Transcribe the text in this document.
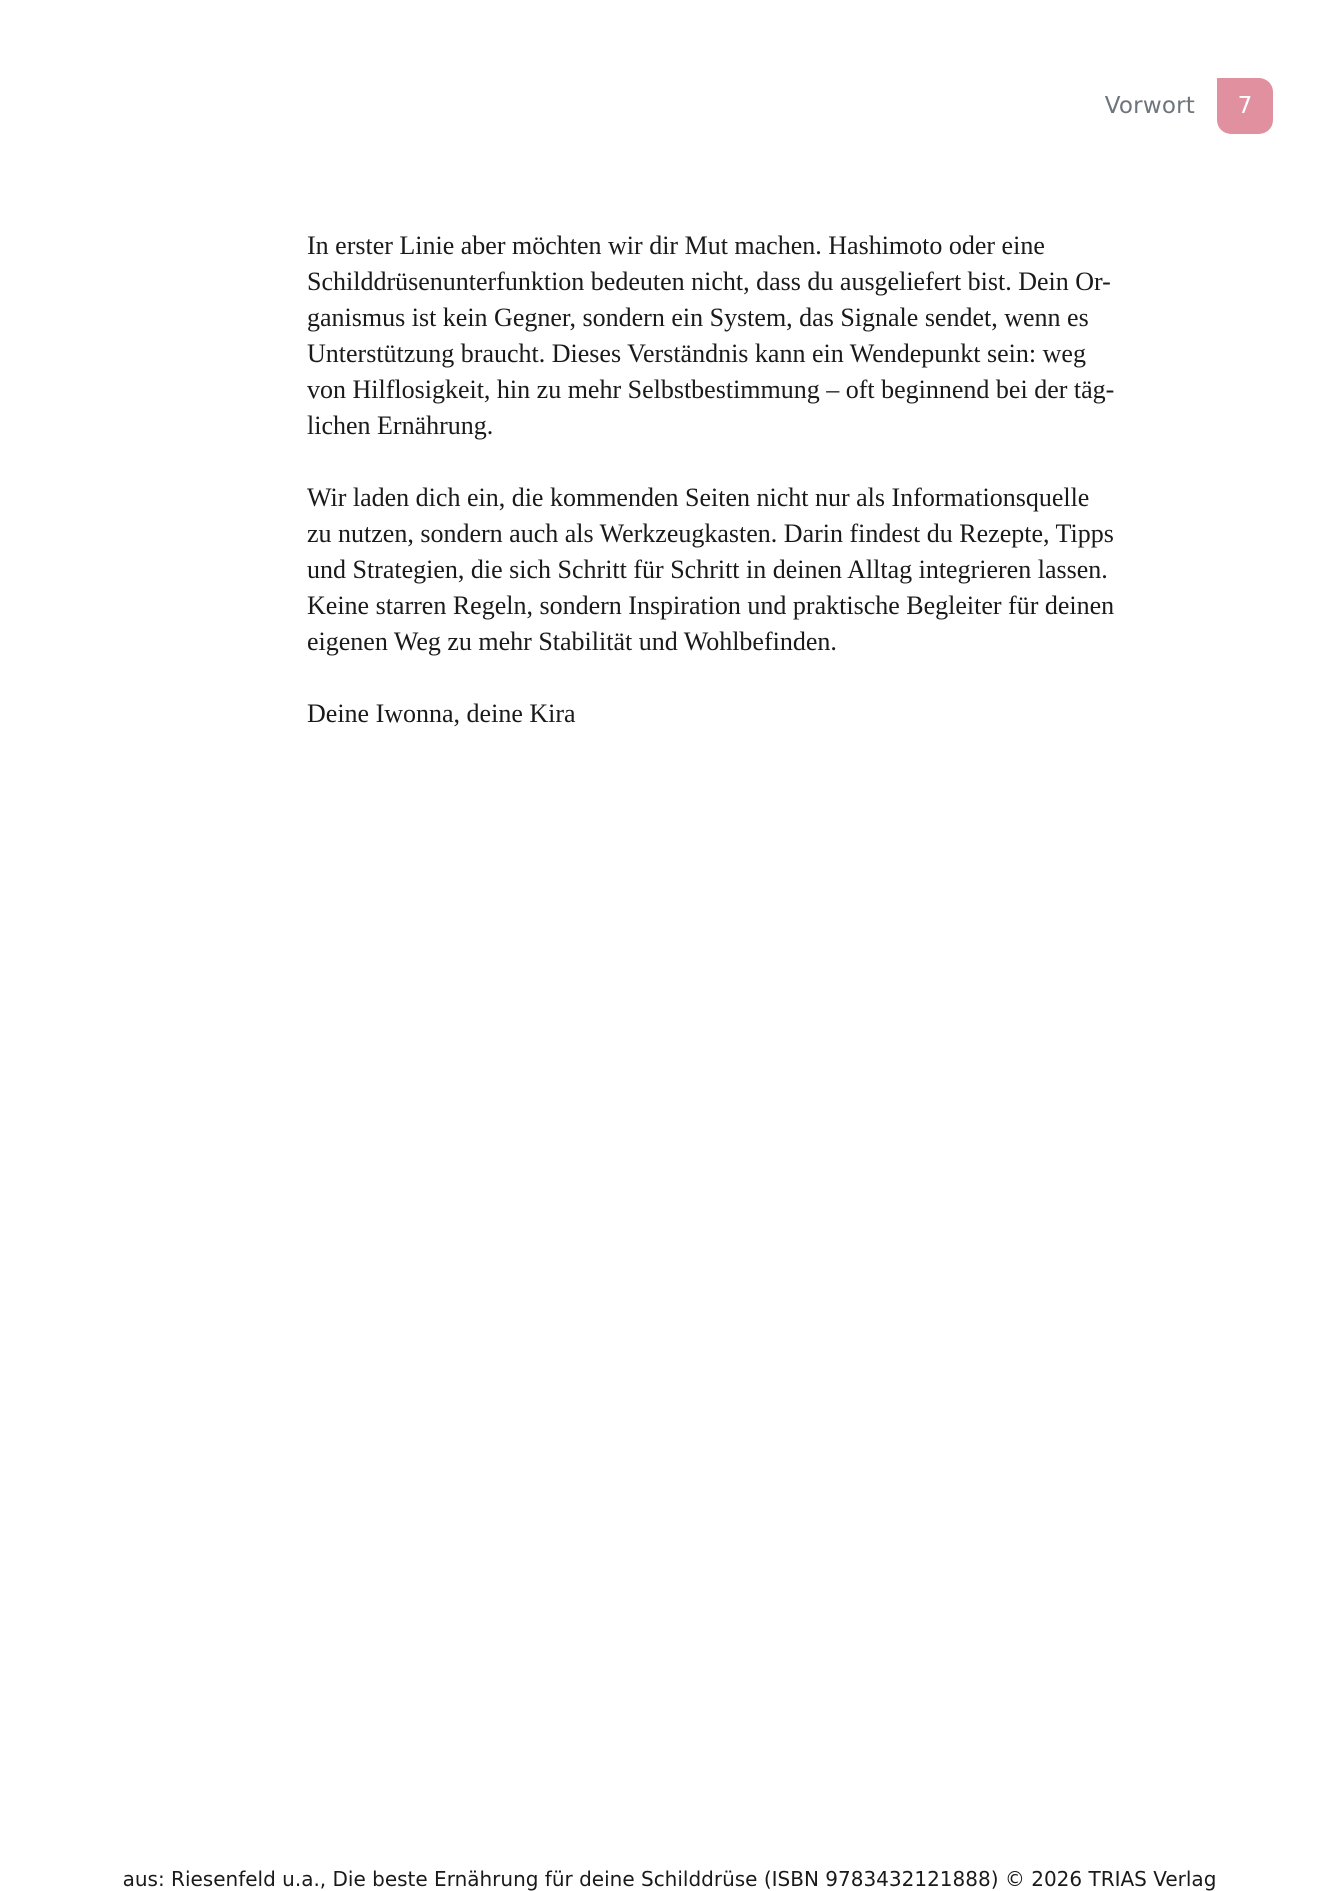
Vorwort 7

In erster Linie aber möchten wir dir Mut machen. Hashimoto oder eine
Schilddrüsenunterfunktion bedeuten nicht, dass du ausgeliefert bist. Dein Or-
ganismus ist kein Gegner, sondern ein System, das Signale sendet, wenn es
Unterstützung braucht. Dieses Verständnis kann ein Wendepunkt sein: weg
von Hilflosigkeit, hin zu mehr Selbstbestimmung – oft beginnend bei der täg-
lichen Ernährung.

Wir laden dich ein, die kommenden Seiten nicht nur als Informationsquelle
zu nutzen, sondern auch als Werkzeugkasten. Darin findest du Rezepte, Tipps
und Strategien, die sich Schritt für Schritt in deinen Alltag integrieren lassen.
Keine starren Regeln, sondern Inspiration und praktische Begleiter für deinen
eigenen Weg zu mehr Stabilität und Wohlbefinden.

Deine Iwonna, deine Kira

aus: Riesenfeld u.a., Die beste Ernährung für deine Schilddrüse (ISBN 9783432121888) © 2026 TRIAS Verlag
